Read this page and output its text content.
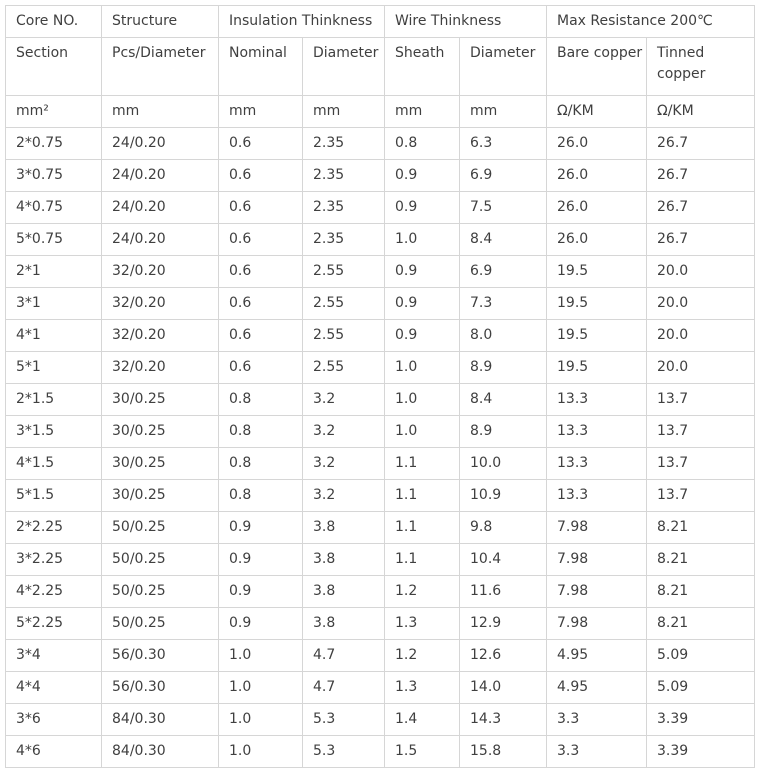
Core NO.	Structure	Insulation Thinkness		Wire Thinkness		Max Resistance 200℃	
Section	Pcs/Diameter	Nominal	Diameter	Sheath	Diameter	Bare copper	Tinned copper
mm²	mm	mm	mm	mm	mm	Ω/KM	Ω/KM
2*0.75	24/0.20	0.6	2.35	0.8	6.3	26.0	26.7
3*0.75	24/0.20	0.6	2.35	0.9	6.9	26.0	26.7
4*0.75	24/0.20	0.6	2.35	0.9	7.5	26.0	26.7
5*0.75	24/0.20	0.6	2.35	1.0	8.4	26.0	26.7
2*1	32/0.20	0.6	2.55	0.9	6.9	19.5	20.0
3*1	32/0.20	0.6	2.55	0.9	7.3	19.5	20.0
4*1	32/0.20	0.6	2.55	0.9	8.0	19.5	20.0
5*1	32/0.20	0.6	2.55	1.0	8.9	19.5	20.0
2*1.5	30/0.25	0.8	3.2	1.0	8.4	13.3	13.7
3*1.5	30/0.25	0.8	3.2	1.0	8.9	13.3	13.7
4*1.5	30/0.25	0.8	3.2	1.1	10.0	13.3	13.7
5*1.5	30/0.25	0.8	3.2	1.1	10.9	13.3	13.7
2*2.25	50/0.25	0.9	3.8	1.1	9.8	7.98	8.21
3*2.25	50/0.25	0.9	3.8	1.1	10.4	7.98	8.21
4*2.25	50/0.25	0.9	3.8	1.2	11.6	7.98	8.21
5*2.25	50/0.25	0.9	3.8	1.3	12.9	7.98	8.21
3*4	56/0.30	1.0	4.7	1.2	12.6	4.95	5.09
4*4	56/0.30	1.0	4.7	1.3	14.0	4.95	5.09
3*6	84/0.30	1.0	5.3	1.4	14.3	3.3	3.39
4*6	84/0.30	1.0	5.3	1.5	15.8	3.3	3.39
